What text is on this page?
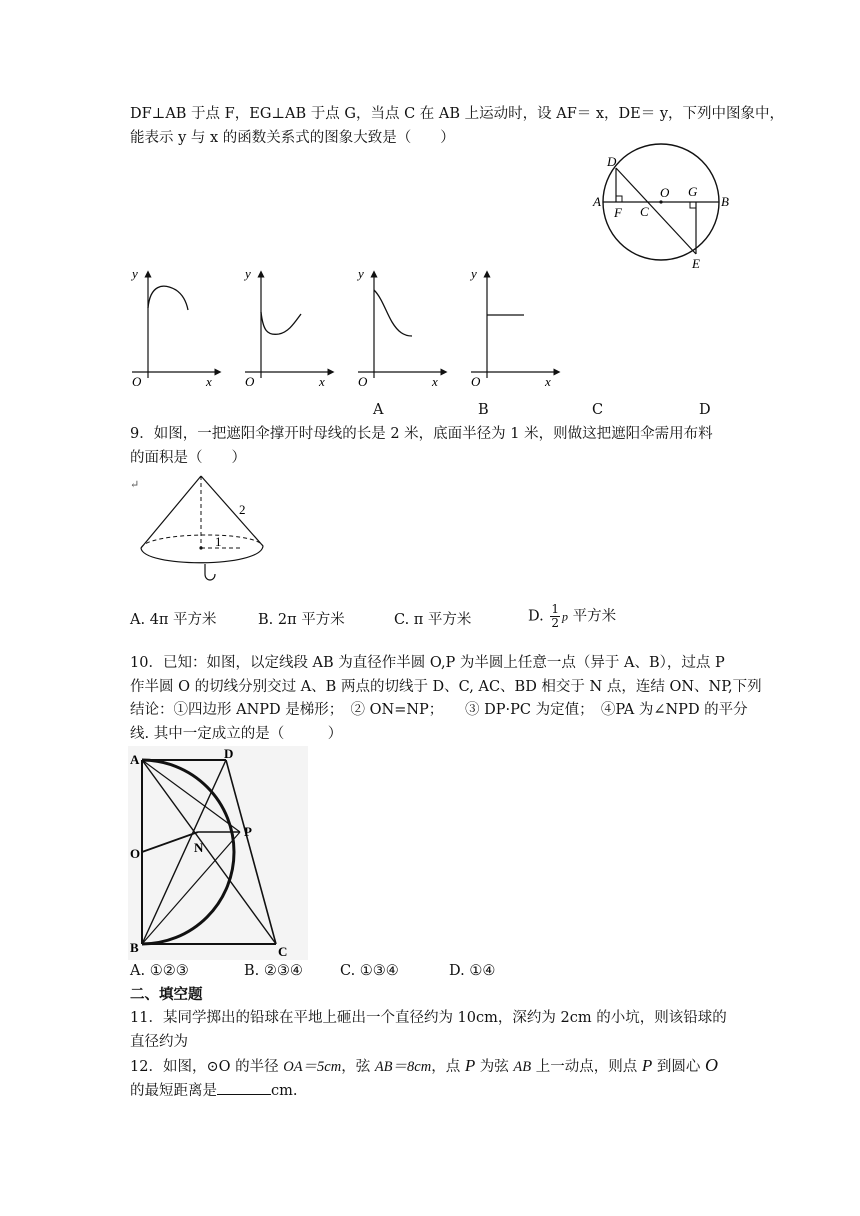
DF⊥AB 于点 F，EG⊥AB 于点 G，当点 C 在 AB 上运动时，设 AF＝ x，DE＝ y，下列中图象中，
能表示 y 与 x 的函数关系式的图象大致是（　　）
D
O G
A
F C
B
E
y
x
O
y
x
O
y
x
O
y
x
O
A	B	C	D
9．如图，一把遮阳伞撑开时母线的长是 2 米，底面半径为 1 米，则做这把遮阳伞需用布料
的面积是（　　）
↵
2
1
A. 4π 平方米	B. 2π 平方米	C. π 平方米	D. $\frac{1}{2}$ p 平方米
10．已知：如图，以定线段 AB 为直径作半圆 O,P 为半圆上任意一点（异于 A、B），过点 P
作半圆 O 的切线分别交过 A、B 两点的切线于 D、C, AC、BD 相交于 N 点，连结 ON、NP,下列
结论：①四边形 ANPD 是梯形；　② ON=NP；　　③ DP·PC 为定值；　④PA 为∠NPD 的平分
线. 其中一定成立的是（　　　）
A	D
P
O	N
B	C
A. ①②③	B. ②③④	C. ①③④	D. ①④
二、填空题
11．某同学掷出的铅球在平地上砸出一个直径约为 10cm，深约为 2cm 的小坑，则该铅球的
直径约为
12．如图，⊙O 的半径 OA＝5cm，弦 AB＝8cm，点 P 为弦 AB 上一动点，则点 P 到圆心 O
的最短距离是	cm.
